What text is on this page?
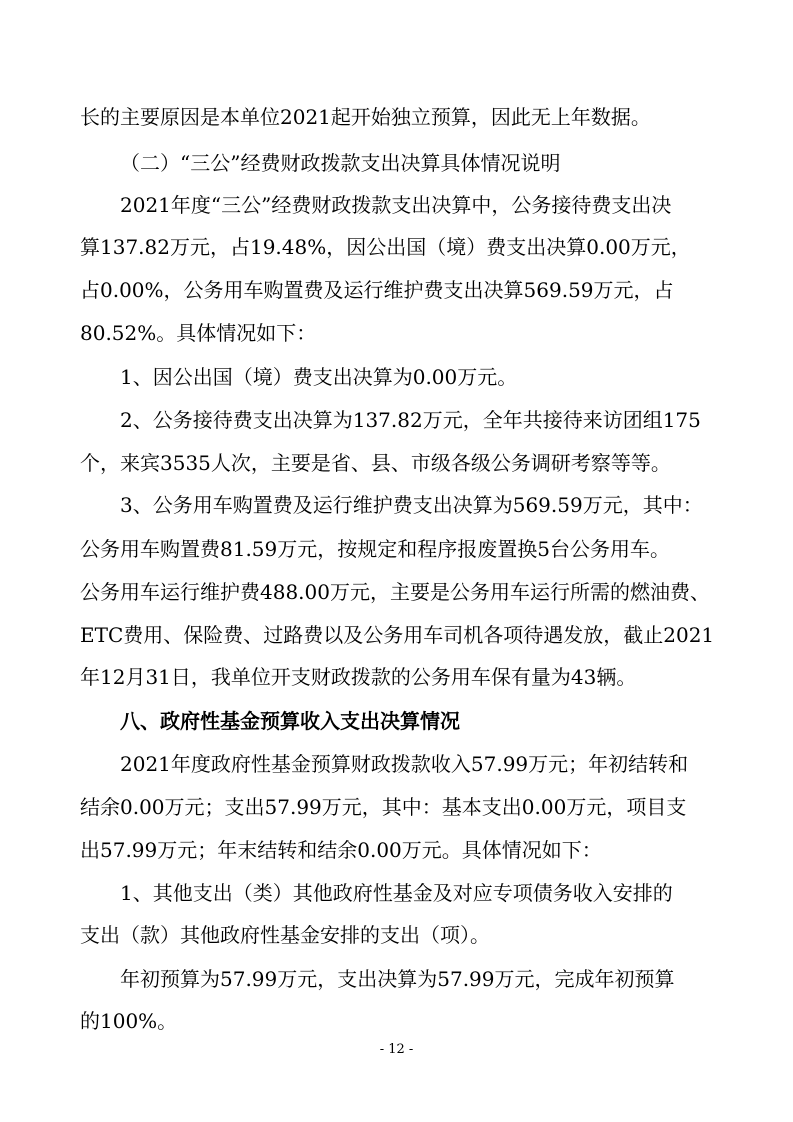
长的主要原因是本单位2021起开始独立预算，因此无上年数据。
（二）“三公”经费财政拨款支出决算具体情况说明
2021年度“三公”经费财政拨款支出决算中，公务接待费支出决
算137.82万元，占19.48%，因公出国（境）费支出决算0.00万元，
占0.00%，公务用车购置费及运行维护费支出决算569.59万元，占
80.52%。具体情况如下：
1、因公出国（境）费支出决算为0.00万元。
2、公务接待费支出决算为137.82万元，全年共接待来访团组175
个，来宾3535人次，主要是省、县、市级各级公务调研考察等等。
3、公务用车购置费及运行维护费支出决算为569.59万元，其中：
公务用车购置费81.59万元，按规定和程序报废置换5台公务用车。
公务用车运行维护费488.00万元，主要是公务用车运行所需的燃油费、
ETC费用、保险费、过路费以及公务用车司机各项待遇发放，截止2021
年12月31日，我单位开支财政拨款的公务用车保有量为43辆。
八、政府性基金预算收入支出决算情况
2021年度政府性基金预算财政拨款收入57.99万元；年初结转和
结余0.00万元；支出57.99万元，其中：基本支出0.00万元，项目支
出57.99万元；年末结转和结余0.00万元。具体情况如下：
1、其他支出（类）其他政府性基金及对应专项债务收入安排的
支出（款）其他政府性基金安排的支出（项）。
年初预算为57.99万元，支出决算为57.99万元，完成年初预算
的100%。
- 12 -
